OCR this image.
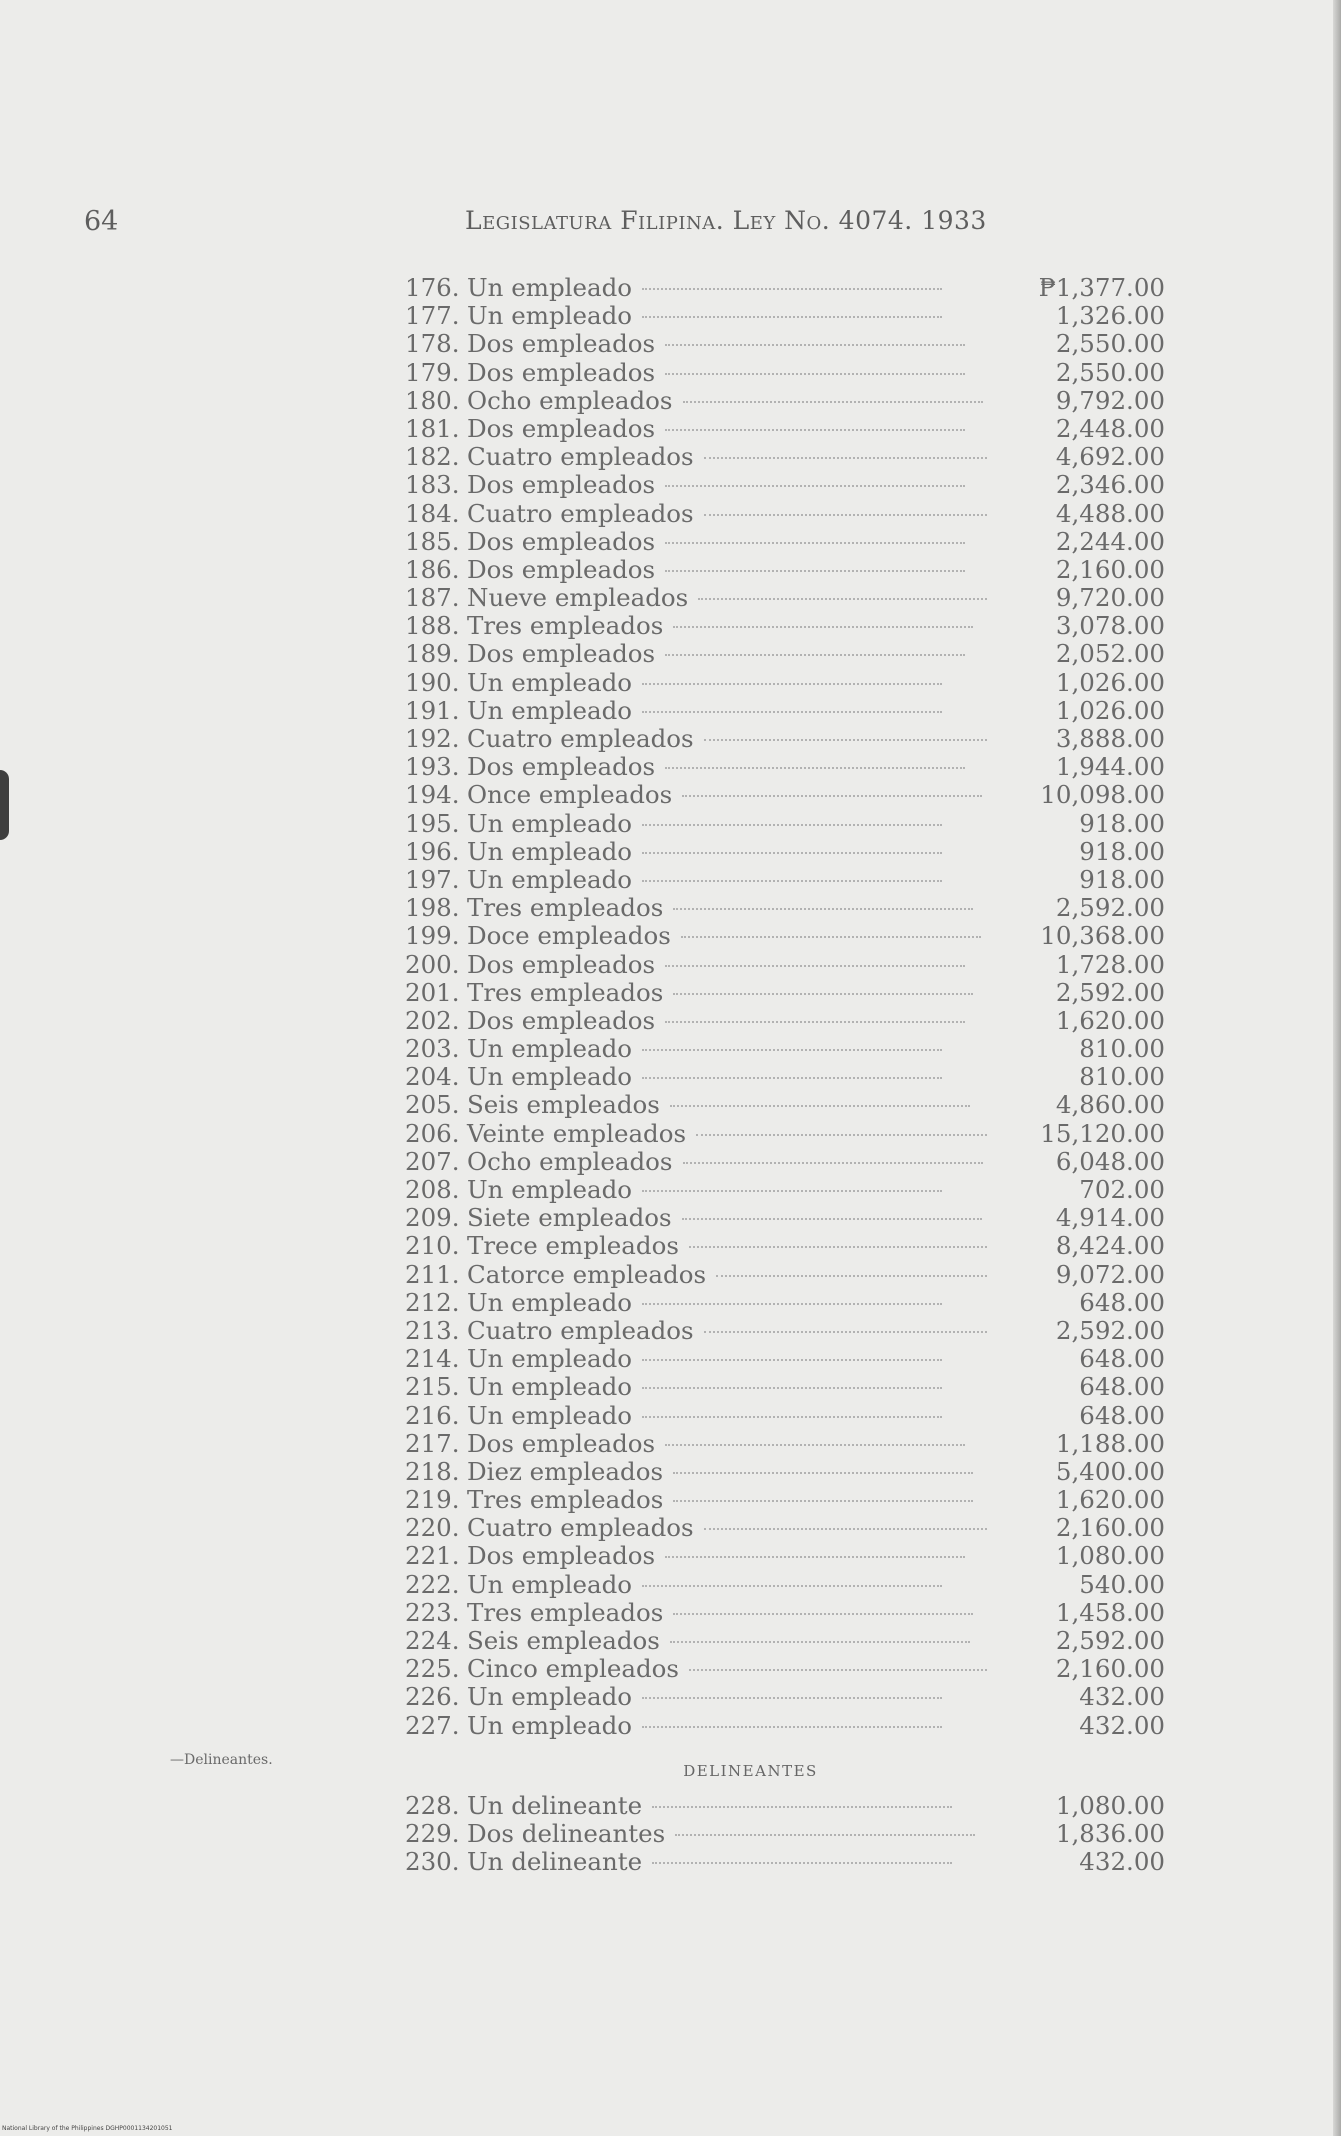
64	Legislatura Filipina. Ley No. 4074. 1933
176. Un empleado	₱1,377.00
177. Un empleado	1,326.00
178. Dos empleados	2,550.00
179. Dos empleados	2,550.00
180. Ocho empleados	9,792.00
181. Dos empleados	2,448.00
182. Cuatro empleados	4,692.00
183. Dos empleados	2,346.00
184. Cuatro empleados	4,488.00
185. Dos empleados	2,244.00
186. Dos empleados	2,160.00
187. Nueve empleados	9,720.00
188. Tres empleados	3,078.00
189. Dos empleados	2,052.00
190. Un empleado	1,026.00
191. Un empleado	1,026.00
192. Cuatro empleados	3,888.00
193. Dos empleados	1,944.00
194. Once empleados	10,098.00
195. Un empleado	918.00
196. Un empleado	918.00
197. Un empleado	918.00
198. Tres empleados	2,592.00
199. Doce empleados	10,368.00
200. Dos empleados	1,728.00
201. Tres empleados	2,592.00
202. Dos empleados	1,620.00
203. Un empleado	810.00
204. Un empleado	810.00
205. Seis empleados	4,860.00
206. Veinte empleados	15,120.00
207. Ocho empleados	6,048.00
208. Un empleado	702.00
209. Siete empleados	4,914.00
210. Trece empleados	8,424.00
211. Catorce empleados	9,072.00
212. Un empleado	648.00
213. Cuatro empleados	2,592.00
214. Un empleado	648.00
215. Un empleado	648.00
216. Un empleado	648.00
217. Dos empleados	1,188.00
218. Diez empleados	5,400.00
219. Tres empleados	1,620.00
220. Cuatro empleados	2,160.00
221. Dos empleados	1,080.00
222. Un empleado	540.00
223. Tres empleados	1,458.00
224. Seis empleados	2,592.00
225. Cinco empleados	2,160.00
226. Un empleado	432.00
227. Un empleado	432.00
—Delineantes.
DELINEANTES
228. Un delineante	1,080.00
229. Dos delineantes	1,836.00
230. Un delineante	432.00
National Library of the Philippines DGHP0001134201051
